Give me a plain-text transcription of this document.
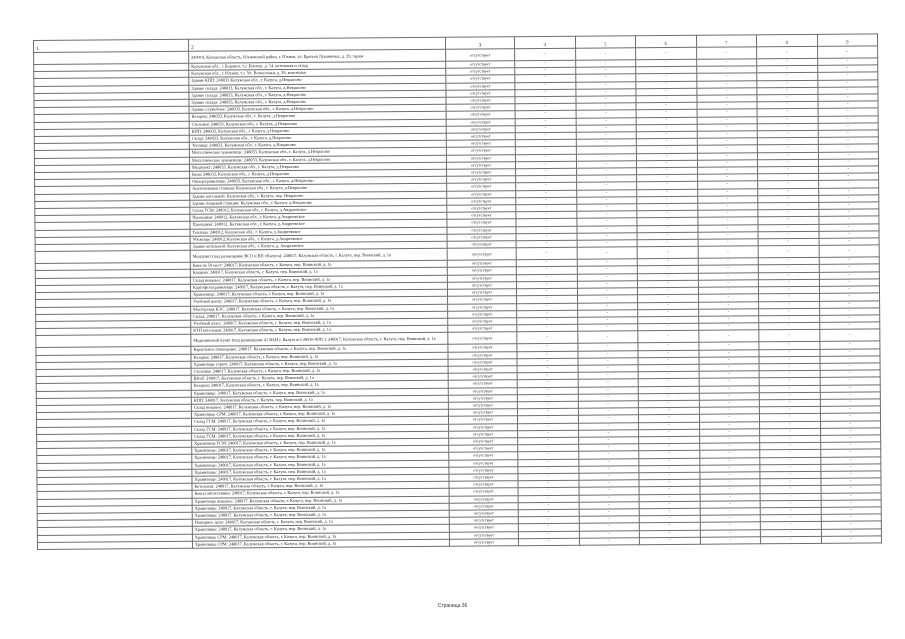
1	2	3	4	5	6	7	8	9
	249910, Калужская область, Юхновский район, г. Юхнов, ул. Братьев Луканиных, д. 29, гараж	отсутствует	-	-	-	-	-	-
	Калужская обл., г. Боровск, т.з. Беклеш, д. 14, котельная и склад	отсутствует	-	-	-	-	-	-
	Калужская обл., г. Юхнов, т.з. Ул. Вознесенья, д. 29, котельная	отсутствует	-	-	-	-	-	-
	Здание КПП: 248033 Калужская обл., г. Калуга, д.Некрасово	отсутствует	-	-	-	-	-	-
	Здание склада: 248033, Калужская обл., г. Калуга, д.Некрасово	отсутствует	-	-	-	-	-	-
	Здание склада: 248033, Калужская обл., г. Калуга, д.Некрасово	отсутствует	-	-	-	-	-	-
	Здание склада: 248033, Калужская обл., г. Калуга, д.Некрасово	отсутствует	-	-	-	-	-	-
	Здание служебное: 248033, Калужская обл., г. Калуга, д.Некрасово	отсутствует	-	-	-	-	-	-
	Казарма: 248033, Калужская обл., г. Калуга, д.Некрасово	отсутствует	-	-	-	-	-	-
	Столовая: 248033, Калужская обл., г. Калуга, д.Некрасово	отсутствует	-	-	-	-	-	-
	КПП: 248033, Калужская обл., г. Калуга, д.Некрасово	отсутствует	-	-	-	-	-	-
	Склад: 248033, Калужская обл., г. Калуга, д.Некрасово	отсутствует	-	-	-	-	-	-
	Теплица: 248033, Калужская обл., г. Калуга, д.Некрасово	отсутствует	-	-	-	-	-	-
	Металлическое хранилище: 248033, Калужская обл., г. Калуга, д.Некрасово	отсутствует	-	-	-	-	-	-
	Металлическое хранилище: 248033, Калужская обл., г. Калуга, д.Некрасово	отсутствует	-	-	-	-	-	-
	Медпункт: 248033, Калужская обл., г. Калуга, д.Некрасово	отсутствует	-	-	-	-	-	-
	Баня: 248033, Калужская обл., г. Калуга, д.Некрасово	отсутствует	-	-	-	-	-	-
	Овощехранилище: 248033, Калужская обл., г. Калуга, д.Некрасово	отсутствует	-	-	-	-	-	-
	Ацетиленовая станция: Калужская обл., г. Калуга, д.Некрасово	отсутствует	-	-	-	-	-	-
	Здание котельной: Калужская обл., г. Калуга, пер. Некрасово	отсутствует	-	-	-	-	-	-
	Здание пищевой станции: Калужская обл., г. Калуга, д.Некрасово	отсутствует	-	-	-	-	-	-
	Склад ГСМ: 248912, Калужская обл., г. Калуга, д.Андреевское	отсутствует	-	-	-	-	-	-
	Проходная: 248912, Калужская обл., г. Калуга, д.Андреевское	отсутствует	-	-	-	-	-	-
	Проходная: 248912, Калужская обл., г. Калуга, д.Андреевское	отсутствует	-	-	-	-	-	-
	Теплица: 248912, Калужская обл., г. Калуга, д.Андреевское	отсутствует	-	-	-	-	-	-
	Убежище: 248912, Калужская обл., г. Калуга, д.Андреевское	отсутствует	-	-	-	-	-	-
	Здание котельной: Калужская обл., г. Калуга, д. Андреевское	отсутствует	-	-	-	-	-	-
	Медпункт (под размещение ВСО и ВП г.Калуга): 248017, Калужская область, г. Калуга, пер. Воинский, д. 1а	отсутствует	-	-	-	-	-	-
	Баня на 50 мест: 248017, Калужская область, г. Калуга, пер. Воинский, д. 1а	отсутствует	-	-	-	-	-	-
	Казарма: 248017, Калужская область, г. Калуга, пер. Воинский, д. 1а	отсутствует	-	-	-	-	-	-
	Склад вещевое: 248017, Калужская область, г. Калуга, пер. Воинский, д. 1а	отсутствует	-	-	-	-	-	-
	Картофелехранилище: 248017, Калужская область, г. Калуга, пер. Воинский, д. 1а	отсутствует	-	-	-	-	-	-
	Хранилище: 248017, Калужская область, г. Калуга, пер. Воинский, д. 1а	отсутствует	-	-	-	-	-	-
	Учебный центр: 248017, Калужская область, г. Калуга, пер. Воинский, д. 1а	отсутствует	-	-	-	-	-	-
	Мастерская КЭС: 248017, Калужская область, г. Калуга, пер. Воинский, д. 1а	отсутствует	-	-	-	-	-	-
	Склад: 248017, Калужская область, г. Калуга, пер. Воинский, д. 1а	отсутствует	-	-	-	-	-	-
	Учебный класс: 248017, Калужская область, г. Калуга, пер. Воинский, д. 1а	отсутствует	-	-	-	-	-	-
	КТП котельная: 248017, Калужская область, г. Калуга, пер. Воинский, д. 1а	отсутствует	-	-	-	-	-	-
	Медицинский пункт (под размещение 41 ВАИ г. Калуга в/ч 28916-ФПС): 248017, Калужская область, г. Калуга, пер. Воинский, д. 1а	отсутствует	-	-	-	-	-	-
	Караульное помещение: 248017, Калужская область, г. Калуга, пер. Воинский, д. 1а	отсутствует	-	-	-	-	-	-
	Казарма: 248017, Калужская область, г. Калуга, пер. Воинский, д. 1а	отсутствует	-	-	-	-	-	-
	Хранилище горюч. 248017, Калужская область, г. Калуга, пер. Воинский, д. 1а	отсутствует	-	-	-	-	-	-
	Столовая: 248017, Калужская область, г. Калуга, пер. Воинский, д. 1а	отсутствует	-	-	-	-	-	-
	Штаб: 248017, Калужская область, г. Калуга, пер. Воинский, д. 1а	отсутствует	-	-	-	-	-	-
	Казарма: 248017, Калужская область, г. Калуга, пер. Воинский, д. 1а	отсутствует	-	-	-	-	-	-
	Хранилище: 248017, Калужская область, г. Калуга, пер. Воинский, д. 1а	отсутствует	-	-	-	-	-	-
	КПП: 248017, Калужская область, г. Калуга, пер. Воинский, д. 1а	отсутствует	-	-	-	-	-	-
	Склад вещевое: 248017, Калужская область, г. Калуга, пер. Воинский, д. 1а	отсутствует	-	-	-	-	-	-
	Хранилище СРМ: 248017, Калужская область, г. Калуга, пер. Воинский, д. 1а	отсутствует	-	-	-	-	-	-
	Склад ГСМ: 248017, Калужская область, г. Калуга, пер. Воинский, д. 1а	отсутствует	-	-	-	-	-	-
	Склад ГСМ: 248017, Калужская область, г. Калуга, пер. Воинский, д. 1а	отсутствует	-	-	-	-	-	-
	Склад ГСМ: 248017, Калужская область, г. Калуга, пер. Воинский, д. 1а	отсутствует	-	-	-	-	-	-
	Хранилище ГСМ: 248017, Калужская область, г. Калуга, пер. Воинский, д. 1а	отсутствует	-	-	-	-	-	-
	Хранилище: 248017, Калужская область, г. Калуга, пер. Воинский, д. 1а	отсутствует	-	-	-	-	-	-
	Хранилище: 248017, Калужская область, г. Калуга, пер. Воинский, д. 1а	отсутствует	-	-	-	-	-	-
	Хранилище: 248017, Калужская область, г. Калуга, пер. Воинский, д. 1а	отсутствует	-	-	-	-	-	-
	Хранилище: 248017, Калужская область, г. Калуга, пер. Воинский, д. 1а	отсутствует	-	-	-	-	-	-
	Хранилище: 248017, Калужская область, г. Калуга, пер. Воинский, д. 1а	отсутствует	-	-	-	-	-	-
	Котельная: 248017, Калужская область, г. Калуга, пер. Воинский, д. 1а	отсутствует	-	-	-	-	-	-
	Боксы автотехники: 248017, Калужская область, г. Калуга, пер. Воинский, д. 1а	отсутствует	-	-	-	-	-	-
	Хранилище вещевое: 248017, Калужская область, г. Калуга, пер. Воинский, д. 1а	отсутствует	-	-	-	-	-	-
	Хранилище: 248017, Калужская область, г. Калуга, пер. Воинский, д. 1а	отсутствует	-	-	-	-	-	-
	Хранилище: 248017, Калужская область, г. Калуга, пер. Воинский, д. 1а	отсутствует	-	-	-	-	-	-
	Пожарное депо: 248017, Калужская область, г. Калуга, пер. Воинский, д. 1а	отсутствует	-	-	-	-	-	-
	Хранилище: 248017, Калужская область, г. Калуга, пер. Воинский, д. 1а	отсутствует	-	-	-	-	-	-
	Хранилище СРМ: 248017, Калужская область, г. Калуга, пер. Воинский, д. 1а	отсутствует	-	-	-	-	-	-
	Хранилище СРМ: 248017, Калужская область, г. Калуга, пер. Воинский, д. 1а	отсутствует	-	-	-	-	-	-
Страница 36
